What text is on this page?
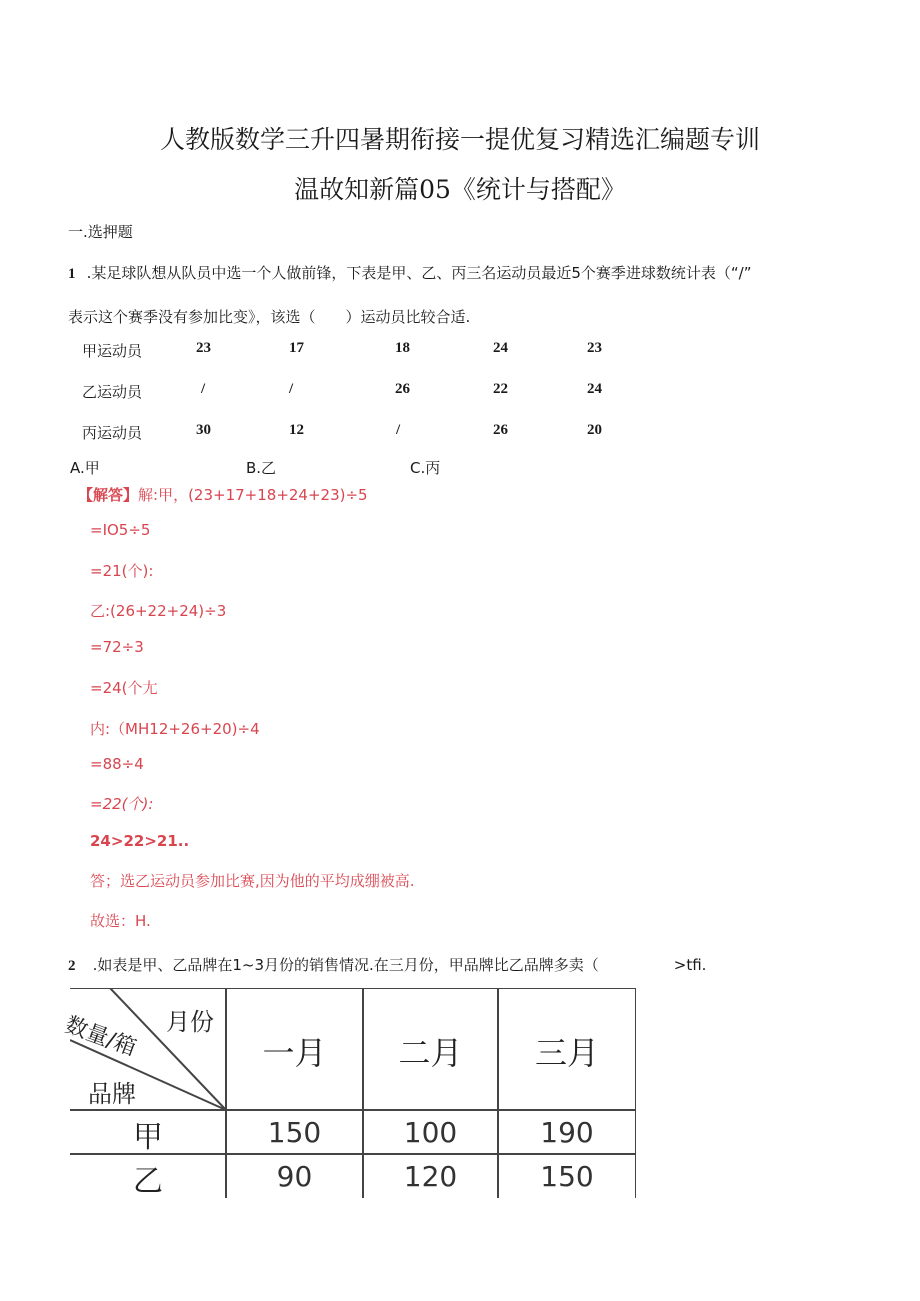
人教版数学三升四暑期衔接一提优复习精选汇编题专训
温故知新篇05《统计与搭配》
一.选押题
1 .某足球队想从队员中选一个人做前锋，下表是甲、乙、丙三名运动员最近5个赛季进球数统计表（“/”
表示这个赛季没有参加比变》，该选（　　）运动员比较合适.
甲运动员	23	17	18	24	23
乙运动员	/	/	26	22	24
丙运动员	30	12	/	26	20
A.甲	B.乙	C.丙
【解答】解:甲，(23+17+18+24+23)÷5
=IO5÷5
=21(个):
乙:(26+22+24)÷3
=72÷3
=24(个尢
内:（MH12+26+20)÷4
=88÷4
=22(个):
24>22>21..
答；选乙运动员参加比赛,因为他的平均成绷被高.
故选：H.
2 .如表是甲、乙品牌在1~3月份的销售情况.在三月份，甲品牌比乙品牌多卖（　　　　　>tfi.
月份
数量/箱
品牌
一月	二月	三月
甲	150	100	190
乙	90	120	150
